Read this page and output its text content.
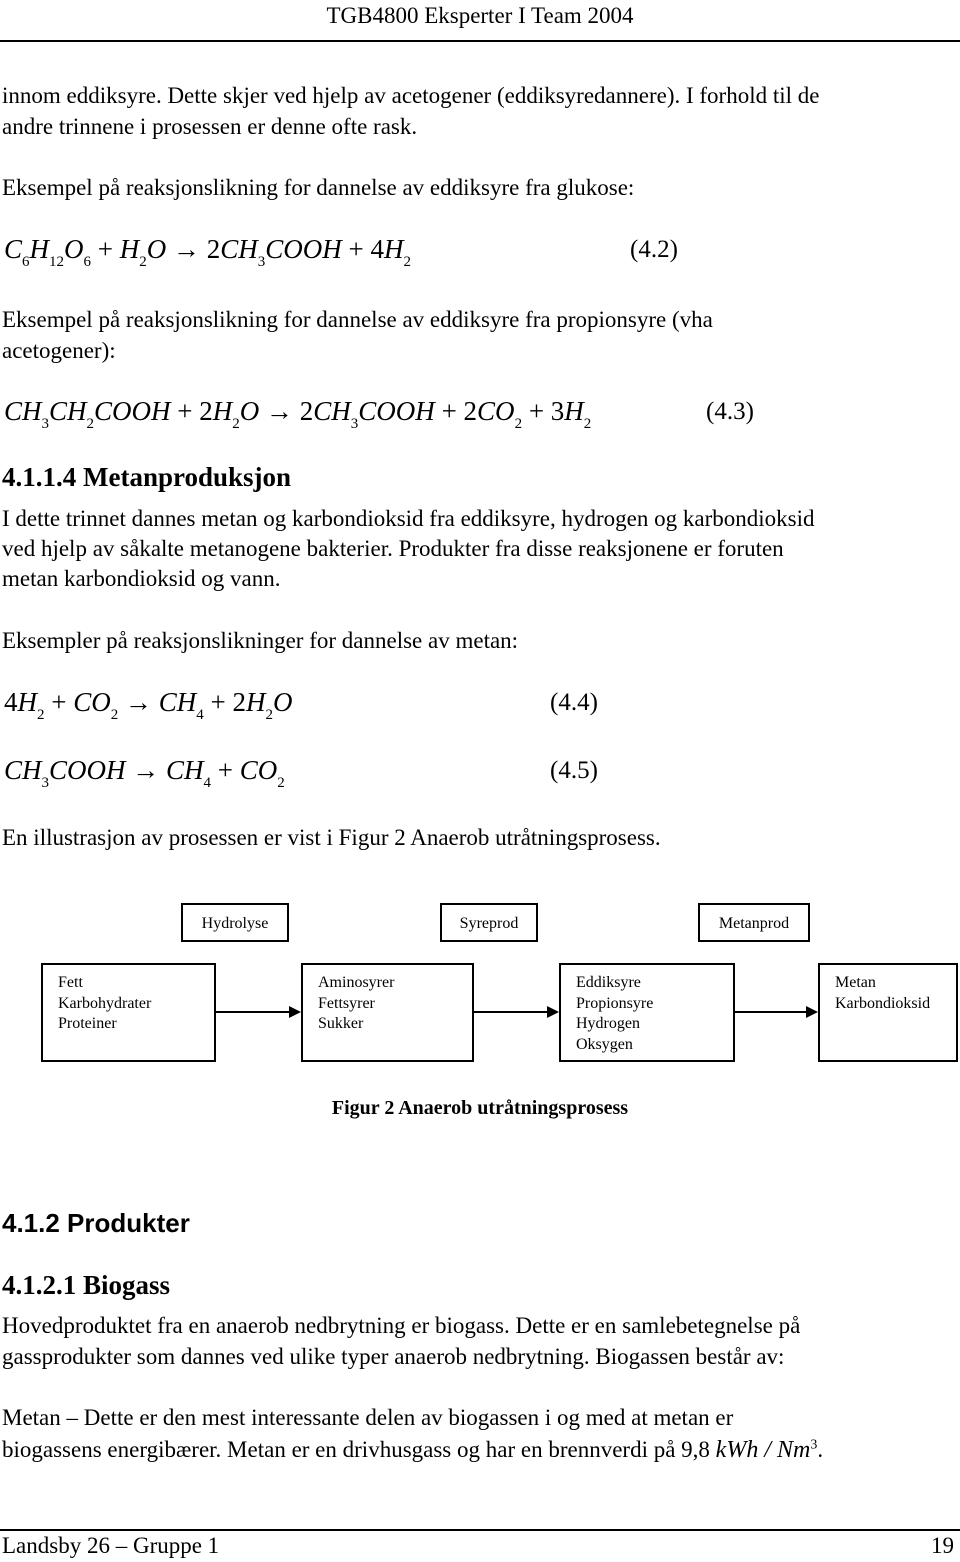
TGB4800 Eksperter I Team 2004
innom eddiksyre. Dette skjer ved hjelp av acetogener (eddiksyredannere). I forhold til de
andre trinnene i prosessen er denne ofte rask.
Eksempel på reaksjonslikning for dannelse av eddiksyre fra glukose:
$C_6H_{12}O_6 + H_2O$ → $2CH_3COOH + 4H_2$	(4.2)
Eksempel på reaksjonslikning for dannelse av eddiksyre fra propionsyre (vha
acetogener):
$CH_3CH_2COOH + 2H_2O$ → $2CH_3COOH + 2CO_2 + 3H_2$	(4.3)
4.1.1.4 Metanproduksjon
I dette trinnet dannes metan og karbondioksid fra eddiksyre, hydrogen og karbondioksid
ved hjelp av såkalte metanogene bakterier. Produkter fra disse reaksjonene er foruten
metan karbondioksid og vann.
Eksempler på reaksjonslikninger for dannelse av metan:
$4H_2 + CO_2 \to CH_4 + 2H_2O$	(4.4)
$CH_3COOH \to CH_4 + CO_2$	(4.5)
En illustrasjon av prosessen er vist i Figur 2 Anaerob utråtningsprosess.
Hydrolyse	Syreprod	Metanprod
Fett
Karbohydrater
Proteiner
Aminosyrer
Fettsyrer
Sukker
Eddiksyre
Propionsyre
Hydrogen
Oksygen
Metan
Karbondioksid
Figur 2 Anaerob utråtningsprosess
4.1.2 Produkter
4.1.2.1 Biogass
Hovedproduktet fra en anaerob nedbrytning er biogass. Dette er en samlebetegnelse på
gassprodukter som dannes ved ulike typer anaerob nedbrytning. Biogassen består av:
Metan – Dette er den mest interessante delen av biogassen i og med at metan er
biogassens energibærer. Metan er en drivhusgass og har en brennverdi på 9,8 kWh / Nm$^3$.
Landsby 26 – Gruppe 1	19
